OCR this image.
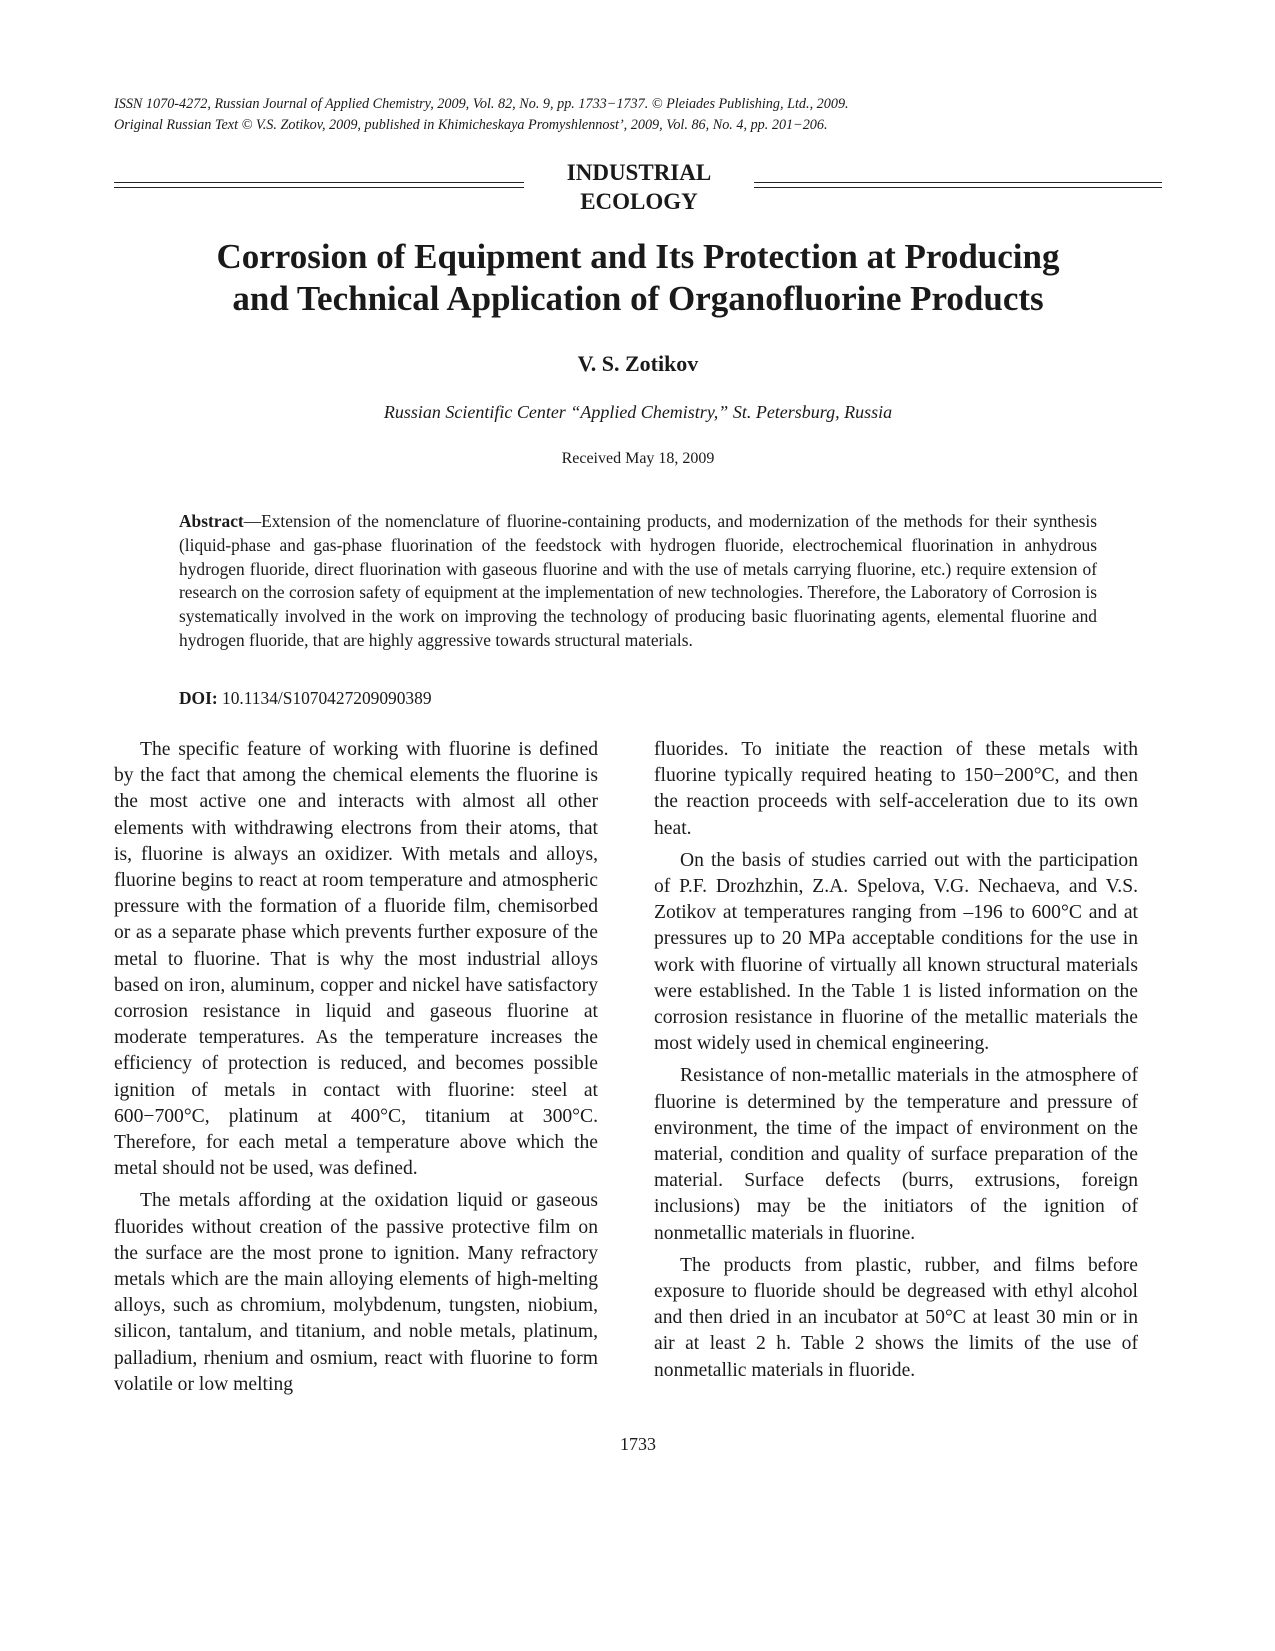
ISSN 1070-4272, Russian Journal of Applied Chemistry, 2009, Vol. 82, No. 9, pp. 1733−1737. © Pleiades Publishing, Ltd., 2009.
Original Russian Text © V.S. Zotikov, 2009, published in Khimicheskaya Promyshlennost’, 2009, Vol. 86, No. 4, pp. 201−206.
INDUSTRIAL
ECOLOGY
Corrosion of Equipment and Its Protection at Producing
and Technical Application of Organofluorine Products
V. S. Zotikov
Russian Scientific Center “Applied Chemistry,” St. Petersburg, Russia
Received May 18, 2009
Abstract—Extension of the nomenclature of fluorine-containing products, and modernization of the methods for their synthesis (liquid-phase and gas-phase fluorination of the feedstock with hydrogen fluoride, electrochemical fluorination in anhydrous hydrogen fluoride, direct fluorination with gaseous fluorine and with the use of metals carrying fluorine, etc.) require extension of research on the corrosion safety of equipment at the implementation of new technologies. Therefore, the Laboratory of Corrosion is systematically involved in the work on improving the technology of producing basic fluorinating agents, elemental fluorine and hydrogen fluoride, that are highly aggressive towards structural materials.
DOI: 10.1134/S1070427209090389

The specific feature of working with fluorine is defined by the fact that among the chemical elements the fluorine is the most active one and interacts with almost all other elements with withdrawing electrons from their atoms, that is, fluorine is always an oxidizer. With metals and alloys, fluorine begins to react at room temperature and atmospheric pressure with the formation of a fluoride film, chemisorbed or as a separate phase which prevents further exposure of the metal to fluorine. That is why the most industrial alloys based on iron, aluminum, copper and nickel have satisfactory corrosion resistance in liquid and gaseous fluorine at moderate temperatures. As the temperature increases the efficiency of protection is reduced, and becomes possible ignition of metals in contact with fluorine: steel at 600−700°C, platinum at 400°C, titanium at 300°C. Therefore, for each metal a temperature above which the metal should not be used, was defined.

The metals affording at the oxidation liquid or gaseous fluorides without creation of the passive protective film on the surface are the most prone to ignition. Many refractory metals which are the main alloying elements of high-melting alloys, such as chromium, molybdenum, tungsten, niobium, silicon, tantalum, and titanium, and noble metals, platinum, palladium, rhenium and osmium, react with fluorine to form volatile or low melting

fluorides. To initiate the reaction of these metals with fluorine typically required heating to 150−200°C, and then the reaction proceeds with self-acceleration due to its own heat.

On the basis of studies carried out with the participation of P.F. Drozhzhin, Z.A. Spelova, V.G. Nechaeva, and V.S. Zotikov at temperatures ranging from –196 to 600°C and at pressures up to 20 MPa acceptable conditions for the use in work with fluorine of virtually all known structural materials were established. In the Table 1 is listed information on the corrosion resistance in fluorine of the metallic materials the most widely used in chemical engineering.

Resistance of non-metallic materials in the atmosphere of fluorine is determined by the temperature and pressure of environment, the time of the impact of environment on the material, condition and quality of surface preparation of the material. Surface defects (burrs, extrusions, foreign inclusions) may be the initiators of the ignition of nonmetallic materials in fluorine.

The products from plastic, rubber, and films before exposure to fluoride should be degreased with ethyl alcohol and then dried in an incubator at 50°C at least 30 min or in air at least 2 h. Table 2 shows the limits of the use of nonmetallic materials in fluoride.

1733
